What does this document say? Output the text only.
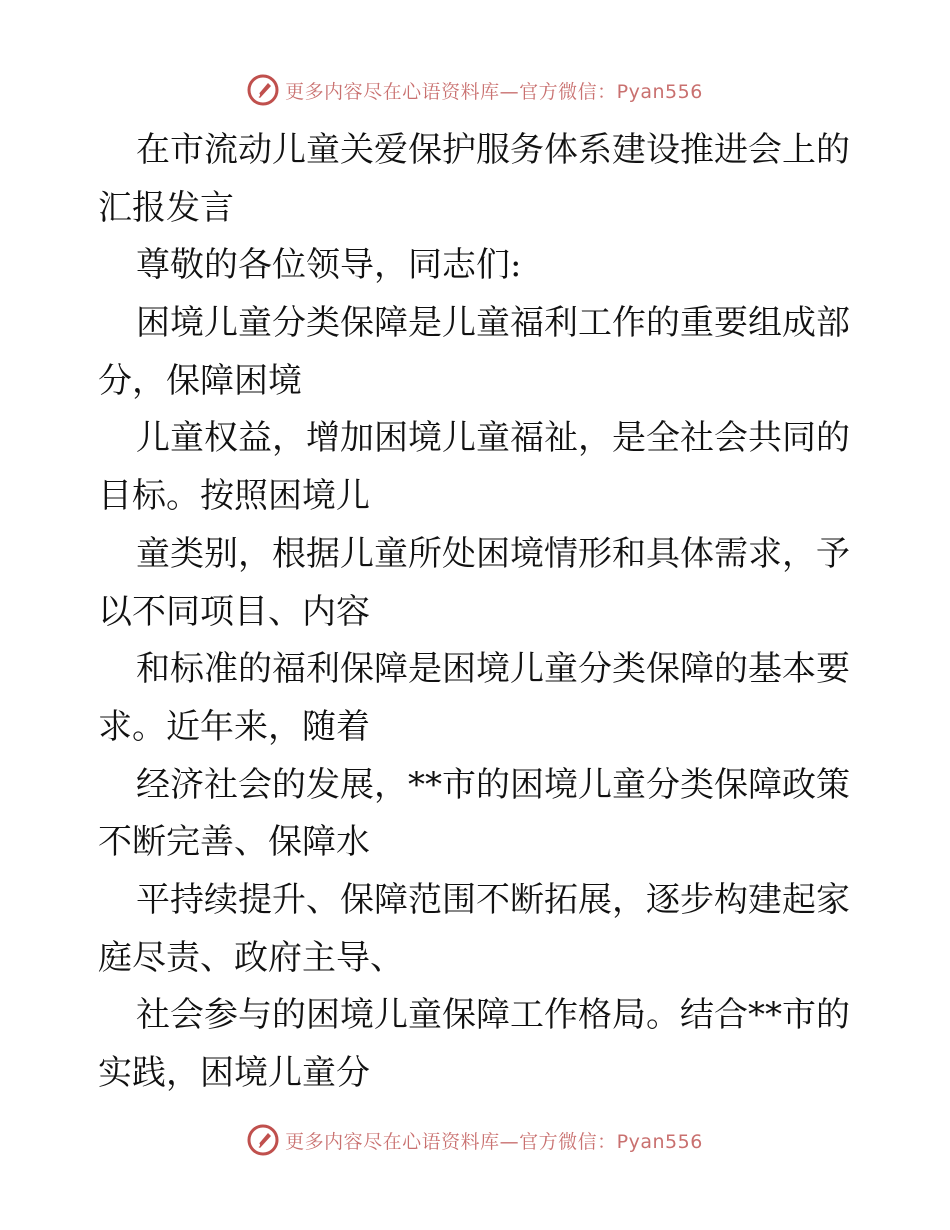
更多内容尽在心语资料库—官方微信：Pyan556
在市流动儿童关爱保护服务体系建设推进会上的
汇报发言
尊敬的各位领导，同志们:
困境儿童分类保障是儿童福利工作的重要组成部
分，保障困境
儿童权益，增加困境儿童福祉，是全社会共同的
目标。按照困境儿
童类别，根据儿童所处困境情形和具体需求，予
以不同项目、内容
和标准的福利保障是困境儿童分类保障的基本要
求。近年来，随着
经济社会的发展，**市的困境儿童分类保障政策
不断完善、保障水
平持续提升、保障范围不断拓展，逐步构建起家
庭尽责、政府主导、
社会参与的困境儿童保障工作格局。结合**市的
实践，困境儿童分
更多内容尽在心语资料库—官方微信：Pyan556
